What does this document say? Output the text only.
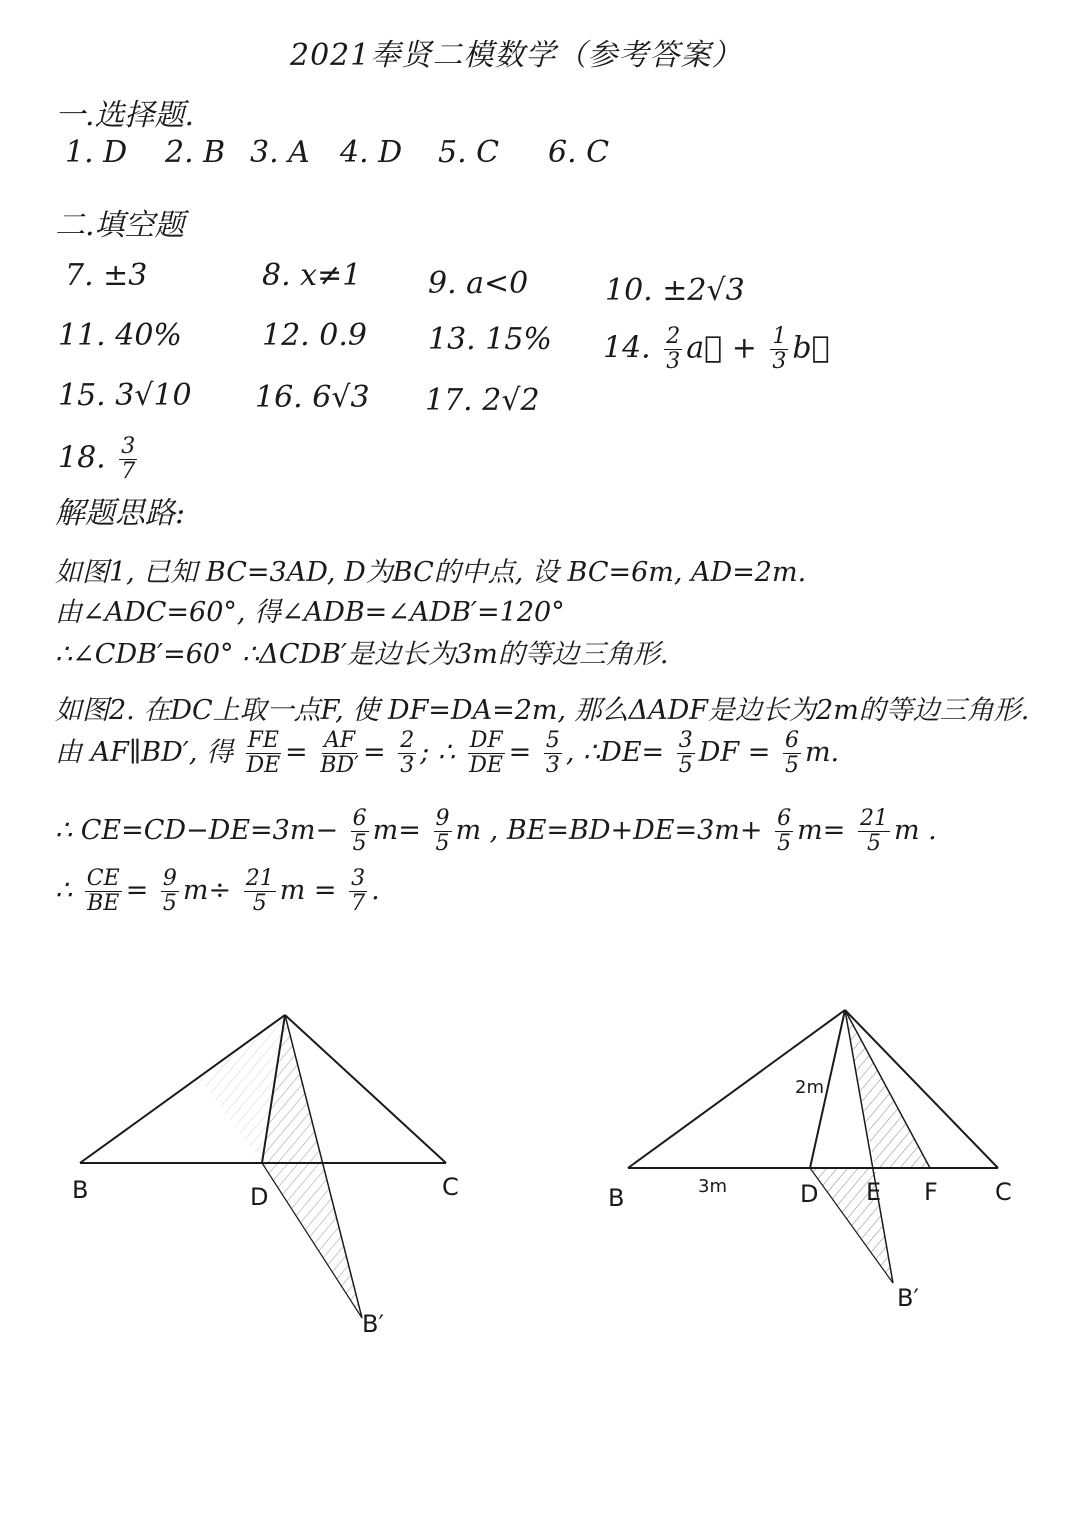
2021奉贤二模数学（参考答案）
一.选择题.
1. D 2. B 3. A 4. D 5. C 6. C
二.填空题
7. ±3	8. x≠1 9. a<0	10. ±2√3
11. 40%	12. 0.9 13. 15% 14. $\frac{2}{3}$ a⃗ + $\frac{1}{3}$ b⃗
15. 3√10 16. 6√3 17. 2√2
18. $\frac{3}{7}$
解题思路:
如图1, 已知 BC=3AD, D为BC的中点, 设 BC=6m, AD=2m.
由∠ADC=60°, 得∠ADB=∠ADB′=120°
∴∠CDB′=60° ∴ΔCDB′是边长为3m的等边三角形.
如图2. 在DC上取一点F, 使 DF=DA=2m, 那么ΔADF是边长为2m的等边三角形.
由 AF∥BD′, 得 $\frac{FE}{DE} = \frac{AF}{BD'} = \frac{2}{3}$ ; ∴ $\frac{DF}{DE} = \frac{5}{3}$ , ∴DE= $\frac{3}{5}$ DF = $\frac{6}{5} m$.
∴ $CE=CD-DE=3m- \frac{6}{5} m= \frac{9}{5}$ m , $BE=BD+DE=3m+ \frac{6}{5} m= \frac{21}{5}$ m .
∴ $\frac{CE}{BE} = \frac{9}{5} m\div \frac{21}{5}$ $m = \frac{3}{7}$ .
B	D	C
B′
2m
3m
B	D E F C
B′
